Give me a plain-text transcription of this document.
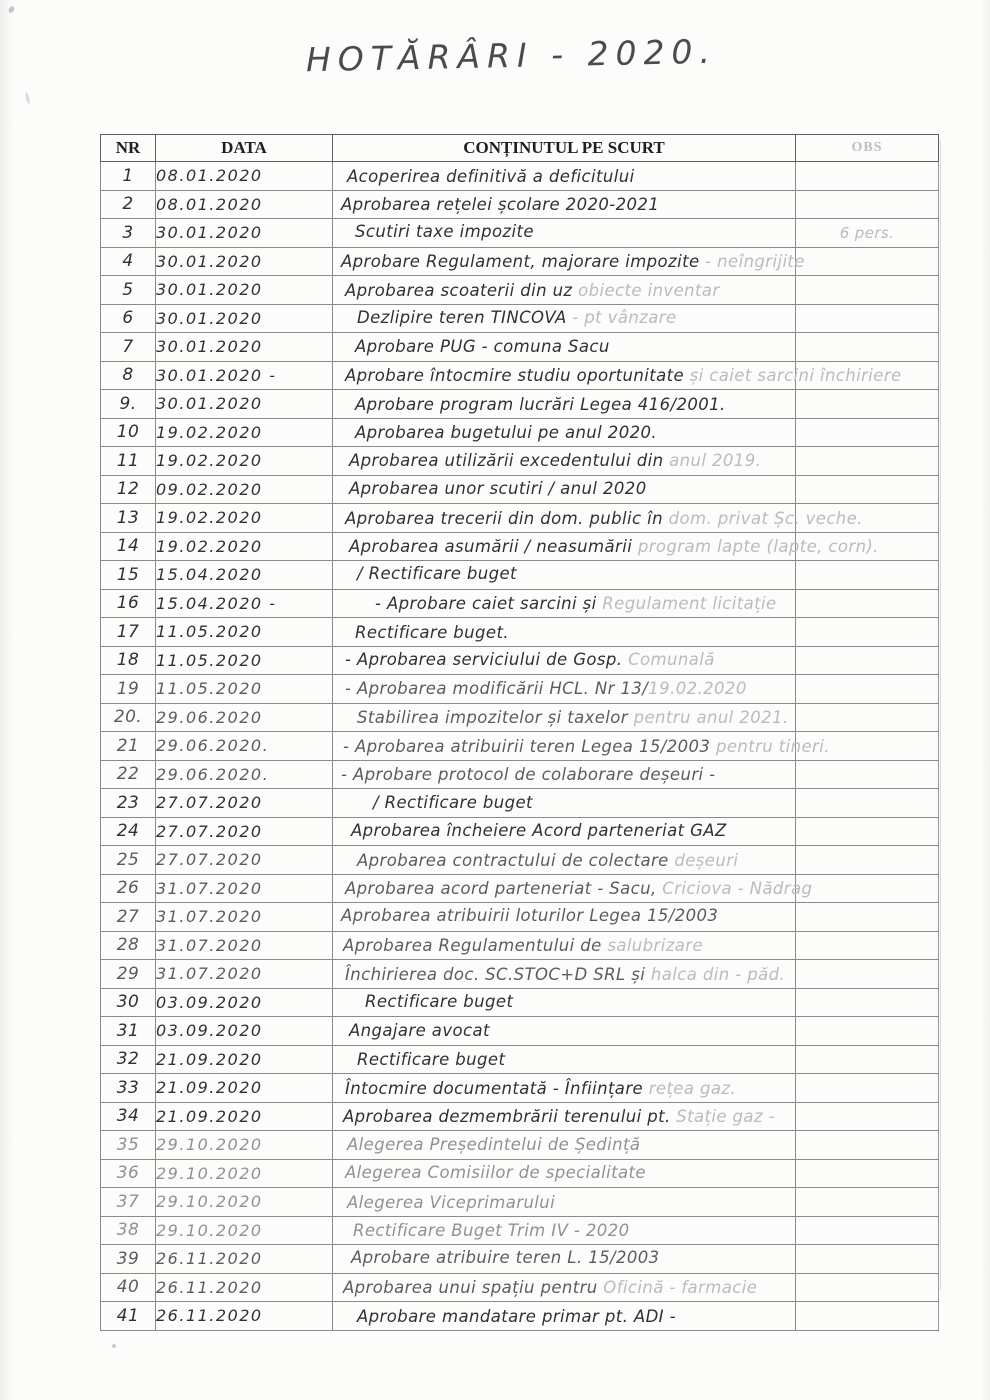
HOTĂRÂRI - 2020.
NR	DATA	CONȚINUTUL PE SCURT	OBS
1	08.01.2020	Acoperirea definitivă a deficitului	
2	08.01.2020	Aprobarea rețelei școlare 2020-2021	
3	30.01.2020	Scutiri taxe impozite	6 pers.
4	30.01.2020	Aprobare Regulament, majorare impozite - neîngrijite	
5	30.01.2020	Aprobarea scoaterii din uz obiecte inventar	
6	30.01.2020	Dezlipire teren TINCOVA - pt vânzare	
7	30.01.2020	Aprobare PUG - comuna Sacu	
8	30.01.2020 -	Aprobare întocmire studiu oportunitate și caiet sarcini închiriere	
9.	30.01.2020	Aprobare program lucrări Legea 416/2001.	
10	19.02.2020	Aprobarea bugetului pe anul 2020.	
11	19.02.2020	Aprobarea utilizării excedentului din anul 2019.	
12	09.02.2020	Aprobarea unor scutiri / anul 2020	
13	19.02.2020	Aprobarea trecerii din dom. public în dom. privat Șc. veche.	
14	19.02.2020	Aprobarea asumării / neasumării program lapte (lapte, corn).	
15	15.04.2020	/ Rectificare buget	
16	15.04.2020 -	- Aprobare caiet sarcini și Regulament licitație	
17	11.05.2020	Rectificare buget.	
18	11.05.2020	- Aprobarea serviciului de Gosp. Comunală	
19	11.05.2020	- Aprobarea modificării HCL. Nr 13/19.02.2020	
20.	29.06.2020	Stabilirea impozitelor și taxelor pentru anul 2021.	
21	29.06.2020.	- Aprobarea atribuirii teren Legea 15/2003 pentru tineri.	
22	29.06.2020.	- Aprobare protocol de colaborare deșeuri -	
23	27.07.2020	/ Rectificare buget	
24	27.07.2020	Aprobarea încheiere Acord parteneriat GAZ	
25	27.07.2020	Aprobarea contractului de colectare deșeuri	
26	31.07.2020	Aprobarea acord parteneriat - Sacu, Criciova - Nădrag	
27	31.07.2020	Aprobarea atribuirii loturilor Legea 15/2003	
28	31.07.2020	Aprobarea Regulamentului de salubrizare	
29	31.07.2020	Închirierea doc. SC.STOC+D SRL și halca din - păd.	
30	03.09.2020	Rectificare buget	
31	03.09.2020	Angajare avocat	
32	21.09.2020	Rectificare buget	
33	21.09.2020	Întocmire documentată - Înființare rețea gaz.	
34	21.09.2020	Aprobarea dezmembrării terenului pt. Stație gaz -	
35	29.10.2020	Alegerea Președintelui de Ședință	
36	29.10.2020	Alegerea Comisiilor de specialitate	
37	29.10.2020	Alegerea Viceprimarului	
38	29.10.2020	Rectificare Buget Trim IV - 2020	
39	26.11.2020	Aprobare atribuire teren L. 15/2003	
40	26.11.2020	Aprobarea unui spațiu pentru Oficină - farmacie	
41	26.11.2020	Aprobare mandatare primar pt. ADI -	
